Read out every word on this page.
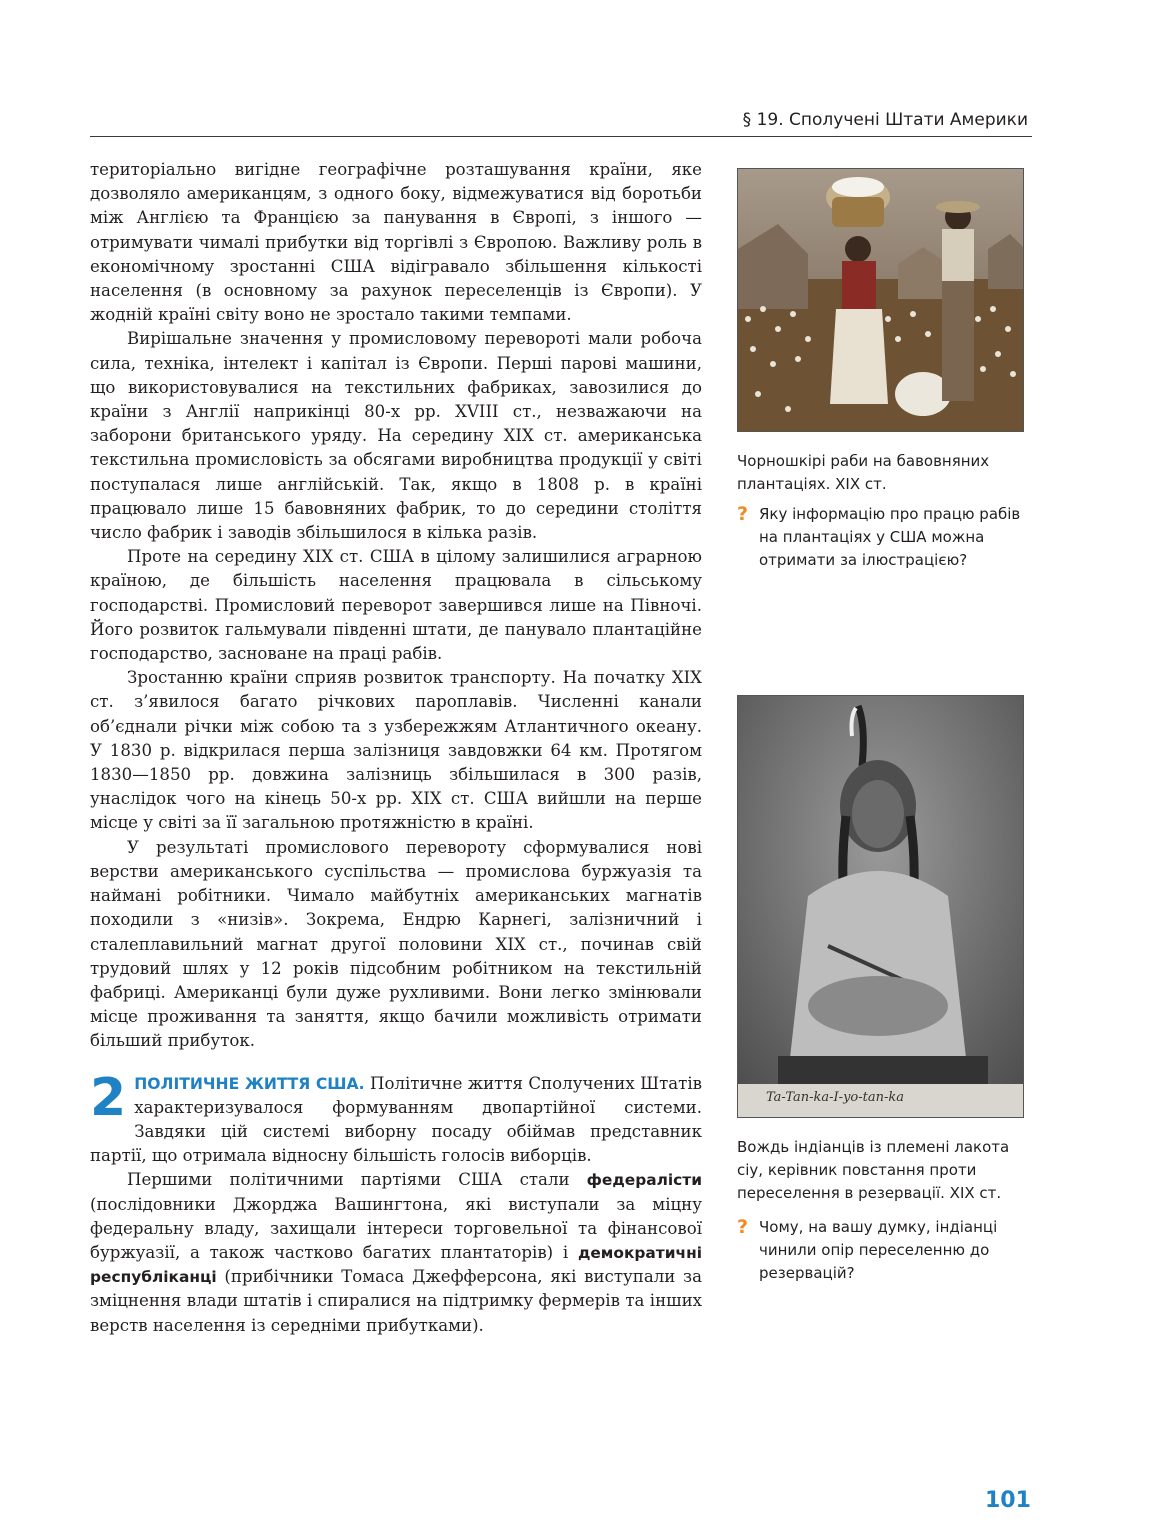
§ 19. Сполучені Штати Америки

територіально вигідне географічне розташування країни, яке дозволяло американцям, з одного боку, відмежуватися від боротьби між Англією та Францією за панування в Європі, з іншого — отримувати чималі прибутки від торгівлі з Європою. Важливу роль в економічному зростанні США відігравало збільшення кількості населення (в основному за рахунок переселенців із Європи). У жодній країні світу воно не зростало такими темпами.

Вирішальне значення у промисловому перевороті мали робоча сила, техніка, інтелект і капітал із Європи. Перші парові машини, що використовувалися на текстильних фабриках, завозилися до країни з Англії наприкінці 80-х рр. XVIII ст., незважаючи на заборони британського уряду. На середину XIX ст. американська текстильна промисловість за обсягами виробництва продукції у світі поступалася лише англійській. Так, якщо в 1808 р. в країні працювало лише 15 бавовняних фабрик, то до середини століття число фабрик і заводів збільшилося в кілька разів.

Проте на середину XIX ст. США в цілому залишилися аграрною країною, де більшість населення працювала в сільському господарстві. Промисловий переворот завершився лише на Півночі. Його розвиток гальмували південні штати, де панувало плантаційне господарство, засноване на праці рабів.

Зростанню країни сприяв розвиток транспорту. На початку XIX ст. з’явилося багато річкових пароплавів. Численні канали об’єднали річки між собою та з узбережжям Атлантичного океану. У 1830 р. відкрилася перша залізниця завдовжки 64 км. Протягом 1830—1850 рр. довжина залізниць збільшилася в 300 разів, унаслідок чого на кінець 50-х рр. XIX ст. США вийшли на перше місце у світі за її загальною протяжністю в країні.

У результаті промислового перевороту сформувалися нові верстви американського суспільства — промислова буржуазія та наймані робітники. Чимало майбутніх американських магнатів походили з «низів». Зокрема, Ендрю Карнегі, залізничний і сталеплавильний магнат другої половини XIX ст., починав свій трудовий шлях у 12 років підсобним робітником на текстильній фабриці. Американці були дуже рухливими. Вони легко змінювали місце проживання та заняття, якщо бачили можливість отримати більший прибуток.

2 ПОЛІТИЧНЕ ЖИТТЯ США. Політичне життя Сполучених Штатів характеризувалося формуванням двопартійної системи. Завдяки цій системі виборну посаду обіймав представник партії, що отримала відносну більшість голосів виборців.

Першими політичними партіями США стали федералісти (послідовники Джорджа Вашингтона, які виступали за міцну федеральну владу, захищали інтереси торговельної та фінансової буржуазії, а також частково багатих плантаторів) і демократичні республіканці (прибічники Томаса Джефферсона, які виступали за зміцнення влади штатів і спиралися на підтримку фермерів та інших верств населення із середніми прибутками).

Чорношкірі раби на бавовняних плантаціях. XIX ст.
? Яку інформацію про працю рабів на плантаціях у США можна отримати за ілюстрацією?
Ta-Tan-ka-I-yo-tan-ka
Вождь індіанців із племені лакота сіу, керівник повстання проти переселення в резервації. XIX ст.
? Чому, на вашу думку, індіанці чинили опір переселенню до резервацій?
101
